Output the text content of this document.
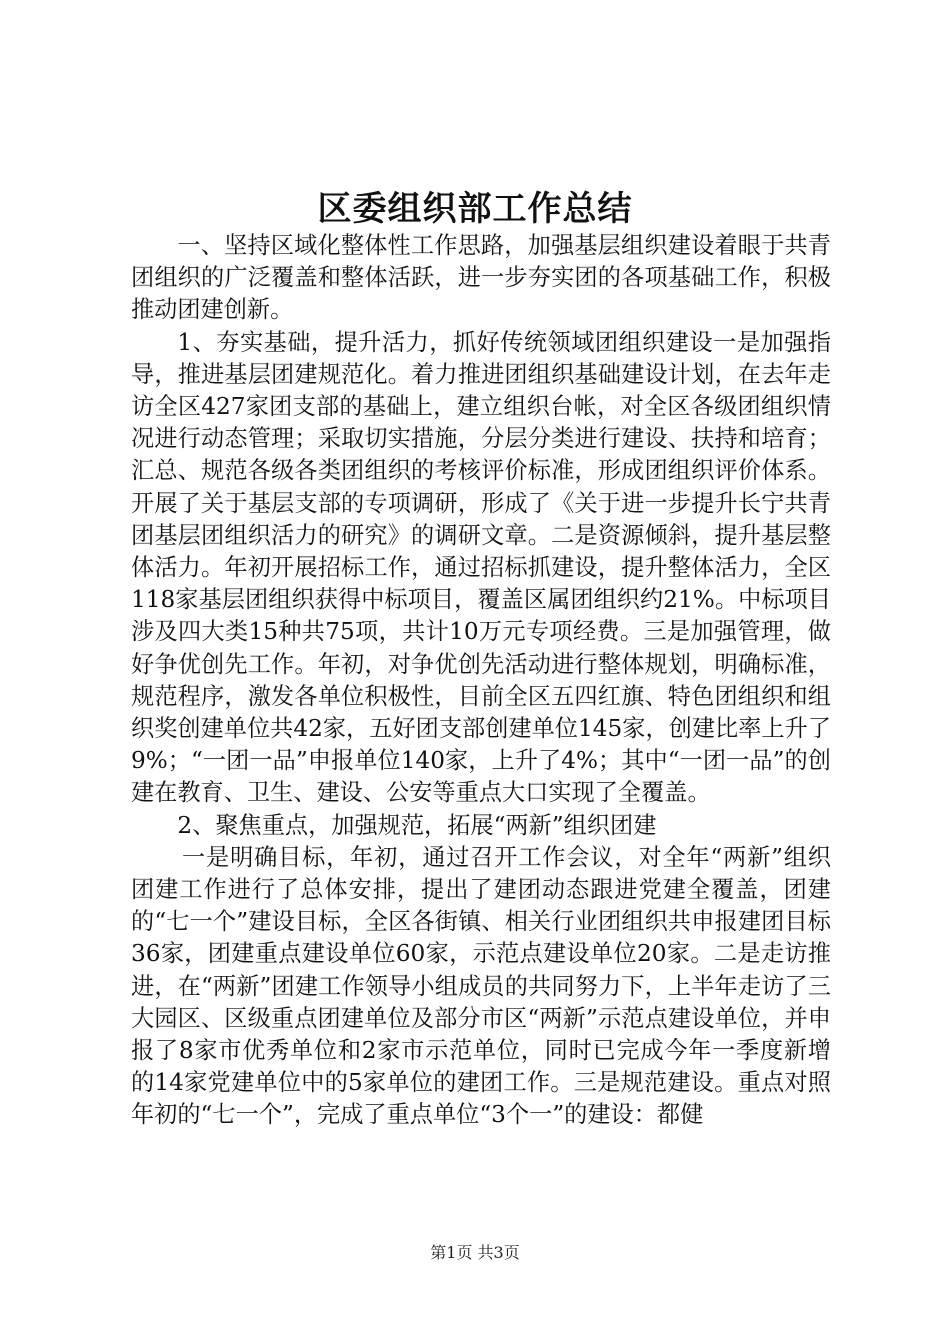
区委组织部工作总结

一、坚持区域化整体性工作思路，加强基层组织建设着眼于共青团组织的广泛覆盖和整体活跃，进一步夯实团的各项基础工作，积极推动团建创新。

1、夯实基础，提升活力，抓好传统领域团组织建设一是加强指导，推进基层团建规范化。着力推进团组织基础建设计划，在去年走访全区427家团支部的基础上，建立组织台帐，对全区各级团组织情况进行动态管理；采取切实措施，分层分类进行建设、扶持和培育；汇总、规范各级各类团组织的考核评价标准，形成团组织评价体系。开展了关于基层支部的专项调研，形成了《关于进一步提升长宁共青团基层团组织活力的研究》的调研文章。二是资源倾斜，提升基层整体活力。年初开展招标工作，通过招标抓建设，提升整体活力，全区118家基层团组织获得中标项目，覆盖区属团组织约21%。中标项目涉及四大类15种共75项，共计10万元专项经费。三是加强管理，做好争优创先工作。年初，对争优创先活动进行整体规划，明确标准，规范程序，激发各单位积极性，目前全区五四红旗、特色团组织和组织奖创建单位共42家，五好团支部创建单位145家，创建比率上升了9%；“一团一品”申报单位140家，上升了4%；其中“一团一品”的创建在教育、卫生、建设、公安等重点大口实现了全覆盖。

2、聚焦重点，加强规范，拓展“两新”组织团建

一是明确目标，年初，通过召开工作会议，对全年“两新”组织团建工作进行了总体安排，提出了建团动态跟进党建全覆盖，团建的“七一个”建设目标，全区各街镇、相关行业团组织共申报建团目标36家，团建重点建设单位60家，示范点建设单位20家。二是走访推进，在“两新”团建工作领导小组成员的共同努力下，上半年走访了三大园区、区级重点团建单位及部分市区“两新”示范点建设单位，并申报了8家市优秀单位和2家市示范单位，同时已完成今年一季度新增的14家党建单位中的5家单位的建团工作。三是规范建设。重点对照年初的“七一个”，完成了重点单位“3个一”的建设：都健

第1页 共3页
